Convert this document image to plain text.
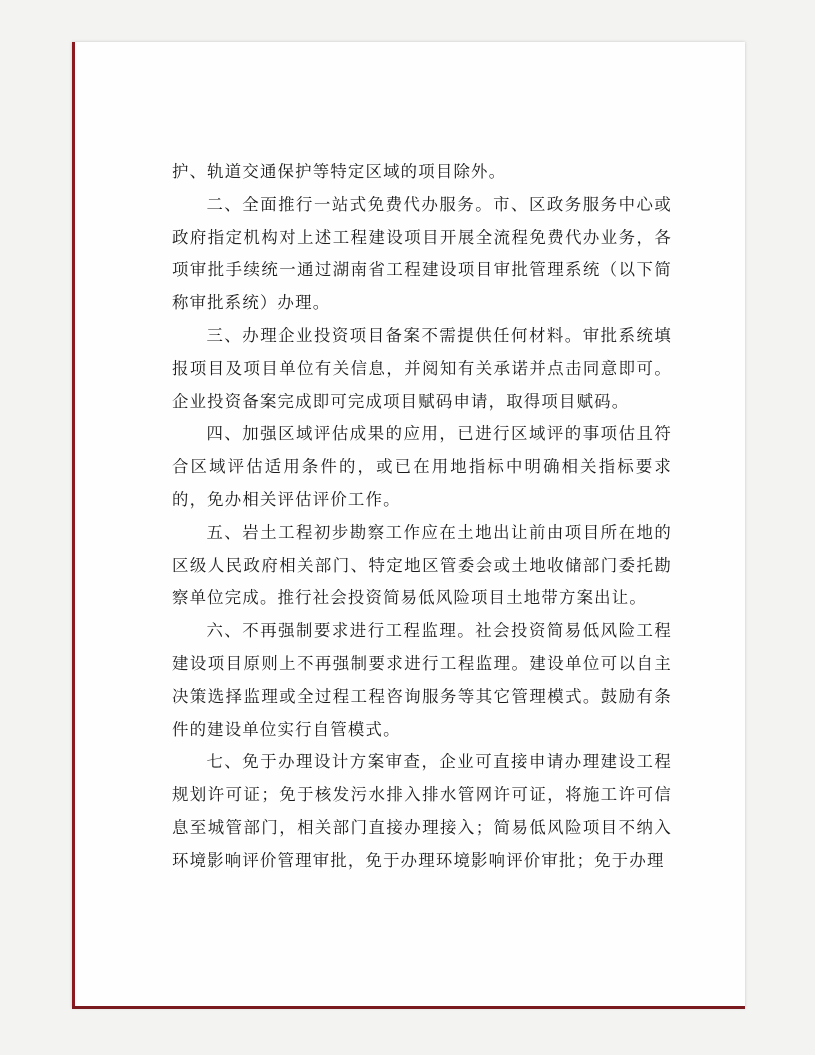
护、轨道交通保护等特定区域的项目除外。

二、全面推行一站式免费代办服务。市、区政务服务中心或政府指定机构对上述工程建设项目开展全流程免费代办业务，各项审批手续统一通过湖南省工程建设项目审批管理系统（以下简称审批系统）办理。

三、办理企业投资项目备案不需提供任何材料。审批系统填报项目及项目单位有关信息，并阅知有关承诺并点击同意即可。企业投资备案完成即可完成项目赋码申请，取得项目赋码。

四、加强区域评估成果的应用，已进行区域评的事项估且符合区域评估适用条件的，或已在用地指标中明确相关指标要求的，免办相关评估评价工作。

五、岩土工程初步勘察工作应在土地出让前由项目所在地的区级人民政府相关部门、特定地区管委会或土地收储部门委托勘察单位完成。推行社会投资简易低风险项目土地带方案出让。

六、不再强制要求进行工程监理。社会投资简易低风险工程建设项目原则上不再强制要求进行工程监理。建设单位可以自主决策选择监理或全过程工程咨询服务等其它管理模式。鼓励有条件的建设单位实行自管模式。

七、免于办理设计方案审查，企业可直接申请办理建设工程规划许可证；免于核发污水排入排水管网许可证，将施工许可信息至城管部门，相关部门直接办理接入；简易低风险项目不纳入环境影响评价管理审批，免于办理环境影响评价审批；免于办理
